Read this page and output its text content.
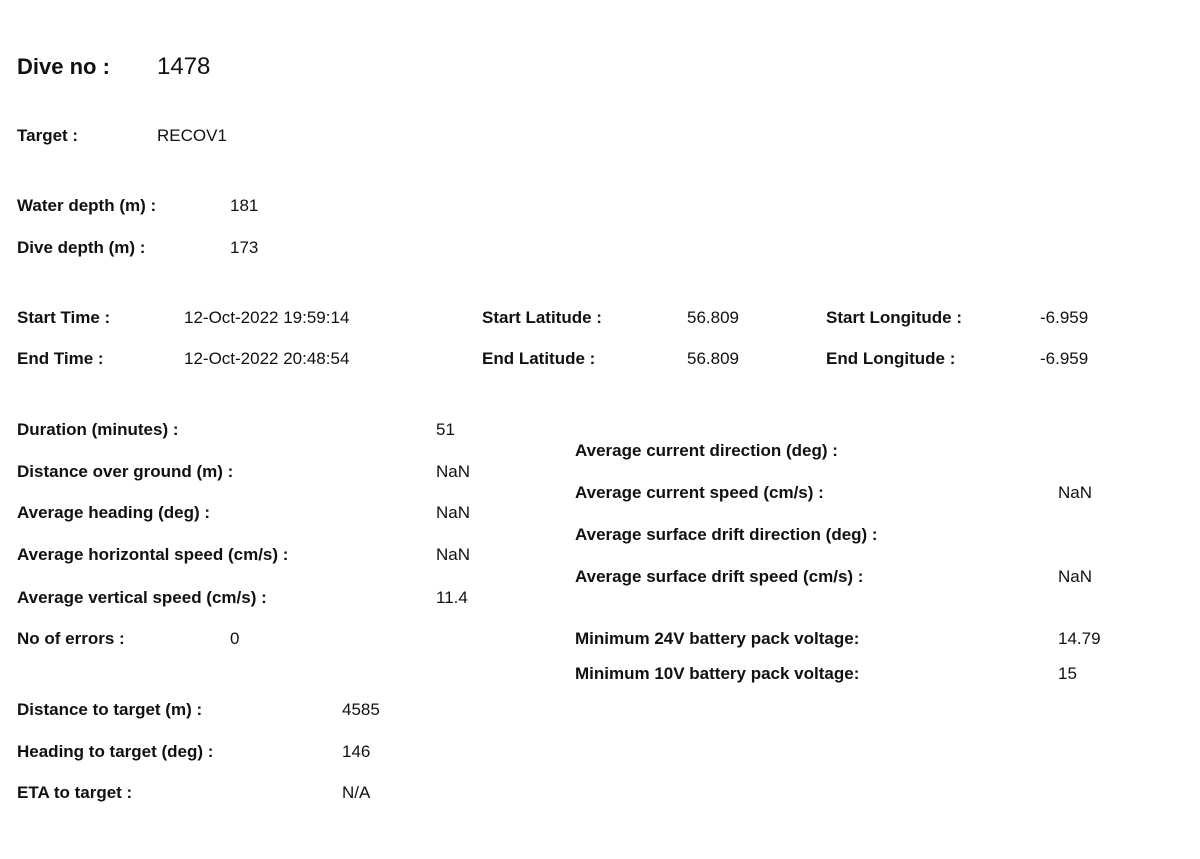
Dive no : 1478
Target :	RECOV1
Water depth (m) :	181
Dive depth (m) :	173
Start Time :	12-Oct-2022 19:59:14	Start Latitude :	56.809	Start Longitude :	-6.959
End Time :	12-Oct-2022 20:48:54	End Latitude :	56.809	End Longitude :	-6.959
Duration (minutes) :	51
Distance over ground (m) :	NaN
Average heading (deg) :	NaN
Average horizontal speed (cm/s) :	NaN
Average vertical speed (cm/s) :	11.4
No of errors :	0
Average current direction (deg) :
Average current speed (cm/s) :	NaN
Average surface drift direction (deg) :
Average surface drift speed (cm/s) :	NaN
Minimum 24V battery pack voltage:	14.79
Minimum 10V battery pack voltage:	15
Distance to target (m) :	4585
Heading to target (deg) :	146
ETA to target :	N/A
